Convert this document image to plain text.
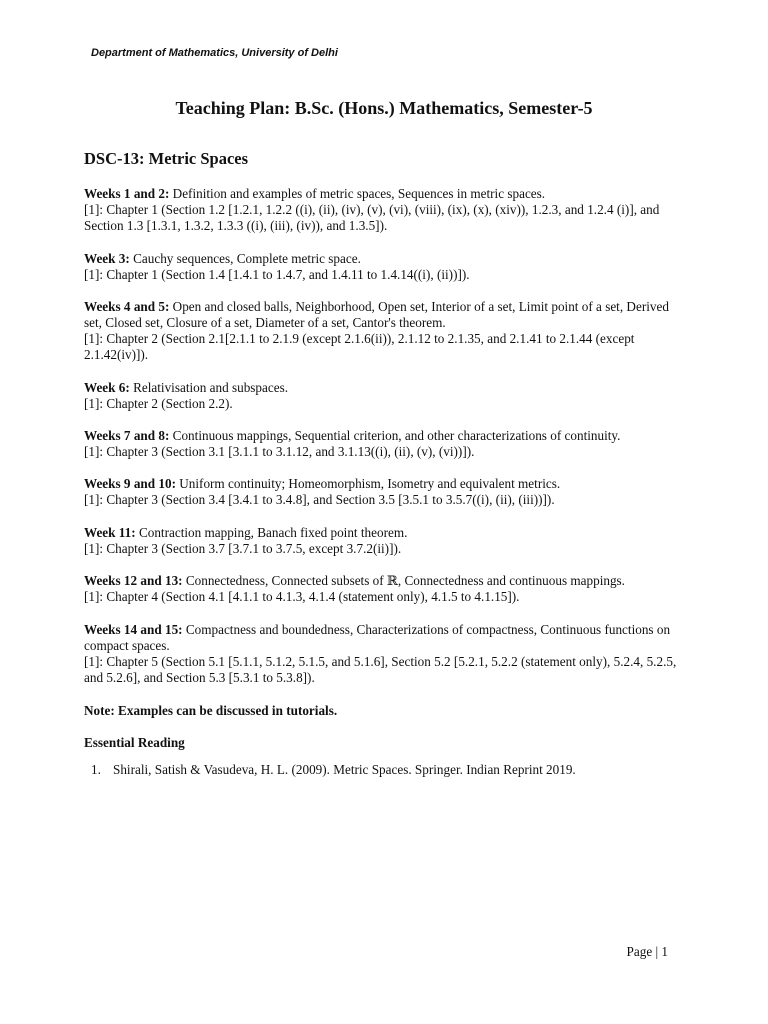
Department of Mathematics, University of Delhi
Teaching Plan: B.Sc. (Hons.) Mathematics, Semester-5
DSC-13: Metric Spaces

Weeks 1 and 2: Definition and examples of metric spaces, Sequences in metric spaces.

[1]: Chapter 1 (Section 1.2 [1.2.1, 1.2.2 ((i), (ii), (iv), (v), (vi), (viii), (ix), (x), (xiv)), 1.2.3, and 1.2.4 (i)], and Section 1.3 [1.3.1, 1.3.2, 1.3.3 ((i), (iii), (iv)), and 1.3.5]).

Week 3: Cauchy sequences, Complete metric space.

[1]: Chapter 1 (Section 1.4 [1.4.1 to 1.4.7, and 1.4.11 to 1.4.14((i), (ii))]).

Weeks 4 and 5: Open and closed balls, Neighborhood, Open set, Interior of a set, Limit point of a set, Derived set, Closed set, Closure of a set, Diameter of a set, Cantor's theorem.

[1]: Chapter 2 (Section 2.1[2.1.1 to 2.1.9 (except 2.1.6(ii)), 2.1.12 to 2.1.35, and 2.1.41 to 2.1.44 (except 2.1.42(iv)]).

Week 6: Relativisation and subspaces.

[1]: Chapter 2 (Section 2.2).

Weeks 7 and 8: Continuous mappings, Sequential criterion, and other characterizations of continuity.

[1]: Chapter 3 (Section 3.1 [3.1.1 to 3.1.12, and 3.1.13((i), (ii), (v), (vi))]).

Weeks 9 and 10: Uniform continuity; Homeomorphism, Isometry and equivalent metrics.

[1]: Chapter 3 (Section 3.4 [3.4.1 to 3.4.8], and Section 3.5 [3.5.1 to 3.5.7((i), (ii), (iii))]).

Week 11: Contraction mapping, Banach fixed point theorem.

[1]: Chapter 3 (Section 3.7 [3.7.1 to 3.7.5, except 3.7.2(ii)]).

Weeks 12 and 13: Connectedness, Connected subsets of ℝ, Connectedness and continuous mappings.

[1]: Chapter 4 (Section 4.1 [4.1.1 to 4.1.3, 4.1.4 (statement only), 4.1.5 to 4.1.15]).

Weeks 14 and 15: Compactness and boundedness, Characterizations of compactness, Continuous functions on compact spaces.

[1]: Chapter 5 (Section 5.1 [5.1.1, 5.1.2, 5.1.5, and 5.1.6], Section 5.2 [5.2.1, 5.2.2 (statement only), 5.2.4, 5.2.5, and 5.2.6], and Section 5.3 [5.3.1 to 5.3.8]).

Note: Examples can be discussed in tutorials.
Essential Reading
1. Shirali, Satish & Vasudeva, H. L. (2009). Metric Spaces. Springer. Indian Reprint 2019.
Page | 1
